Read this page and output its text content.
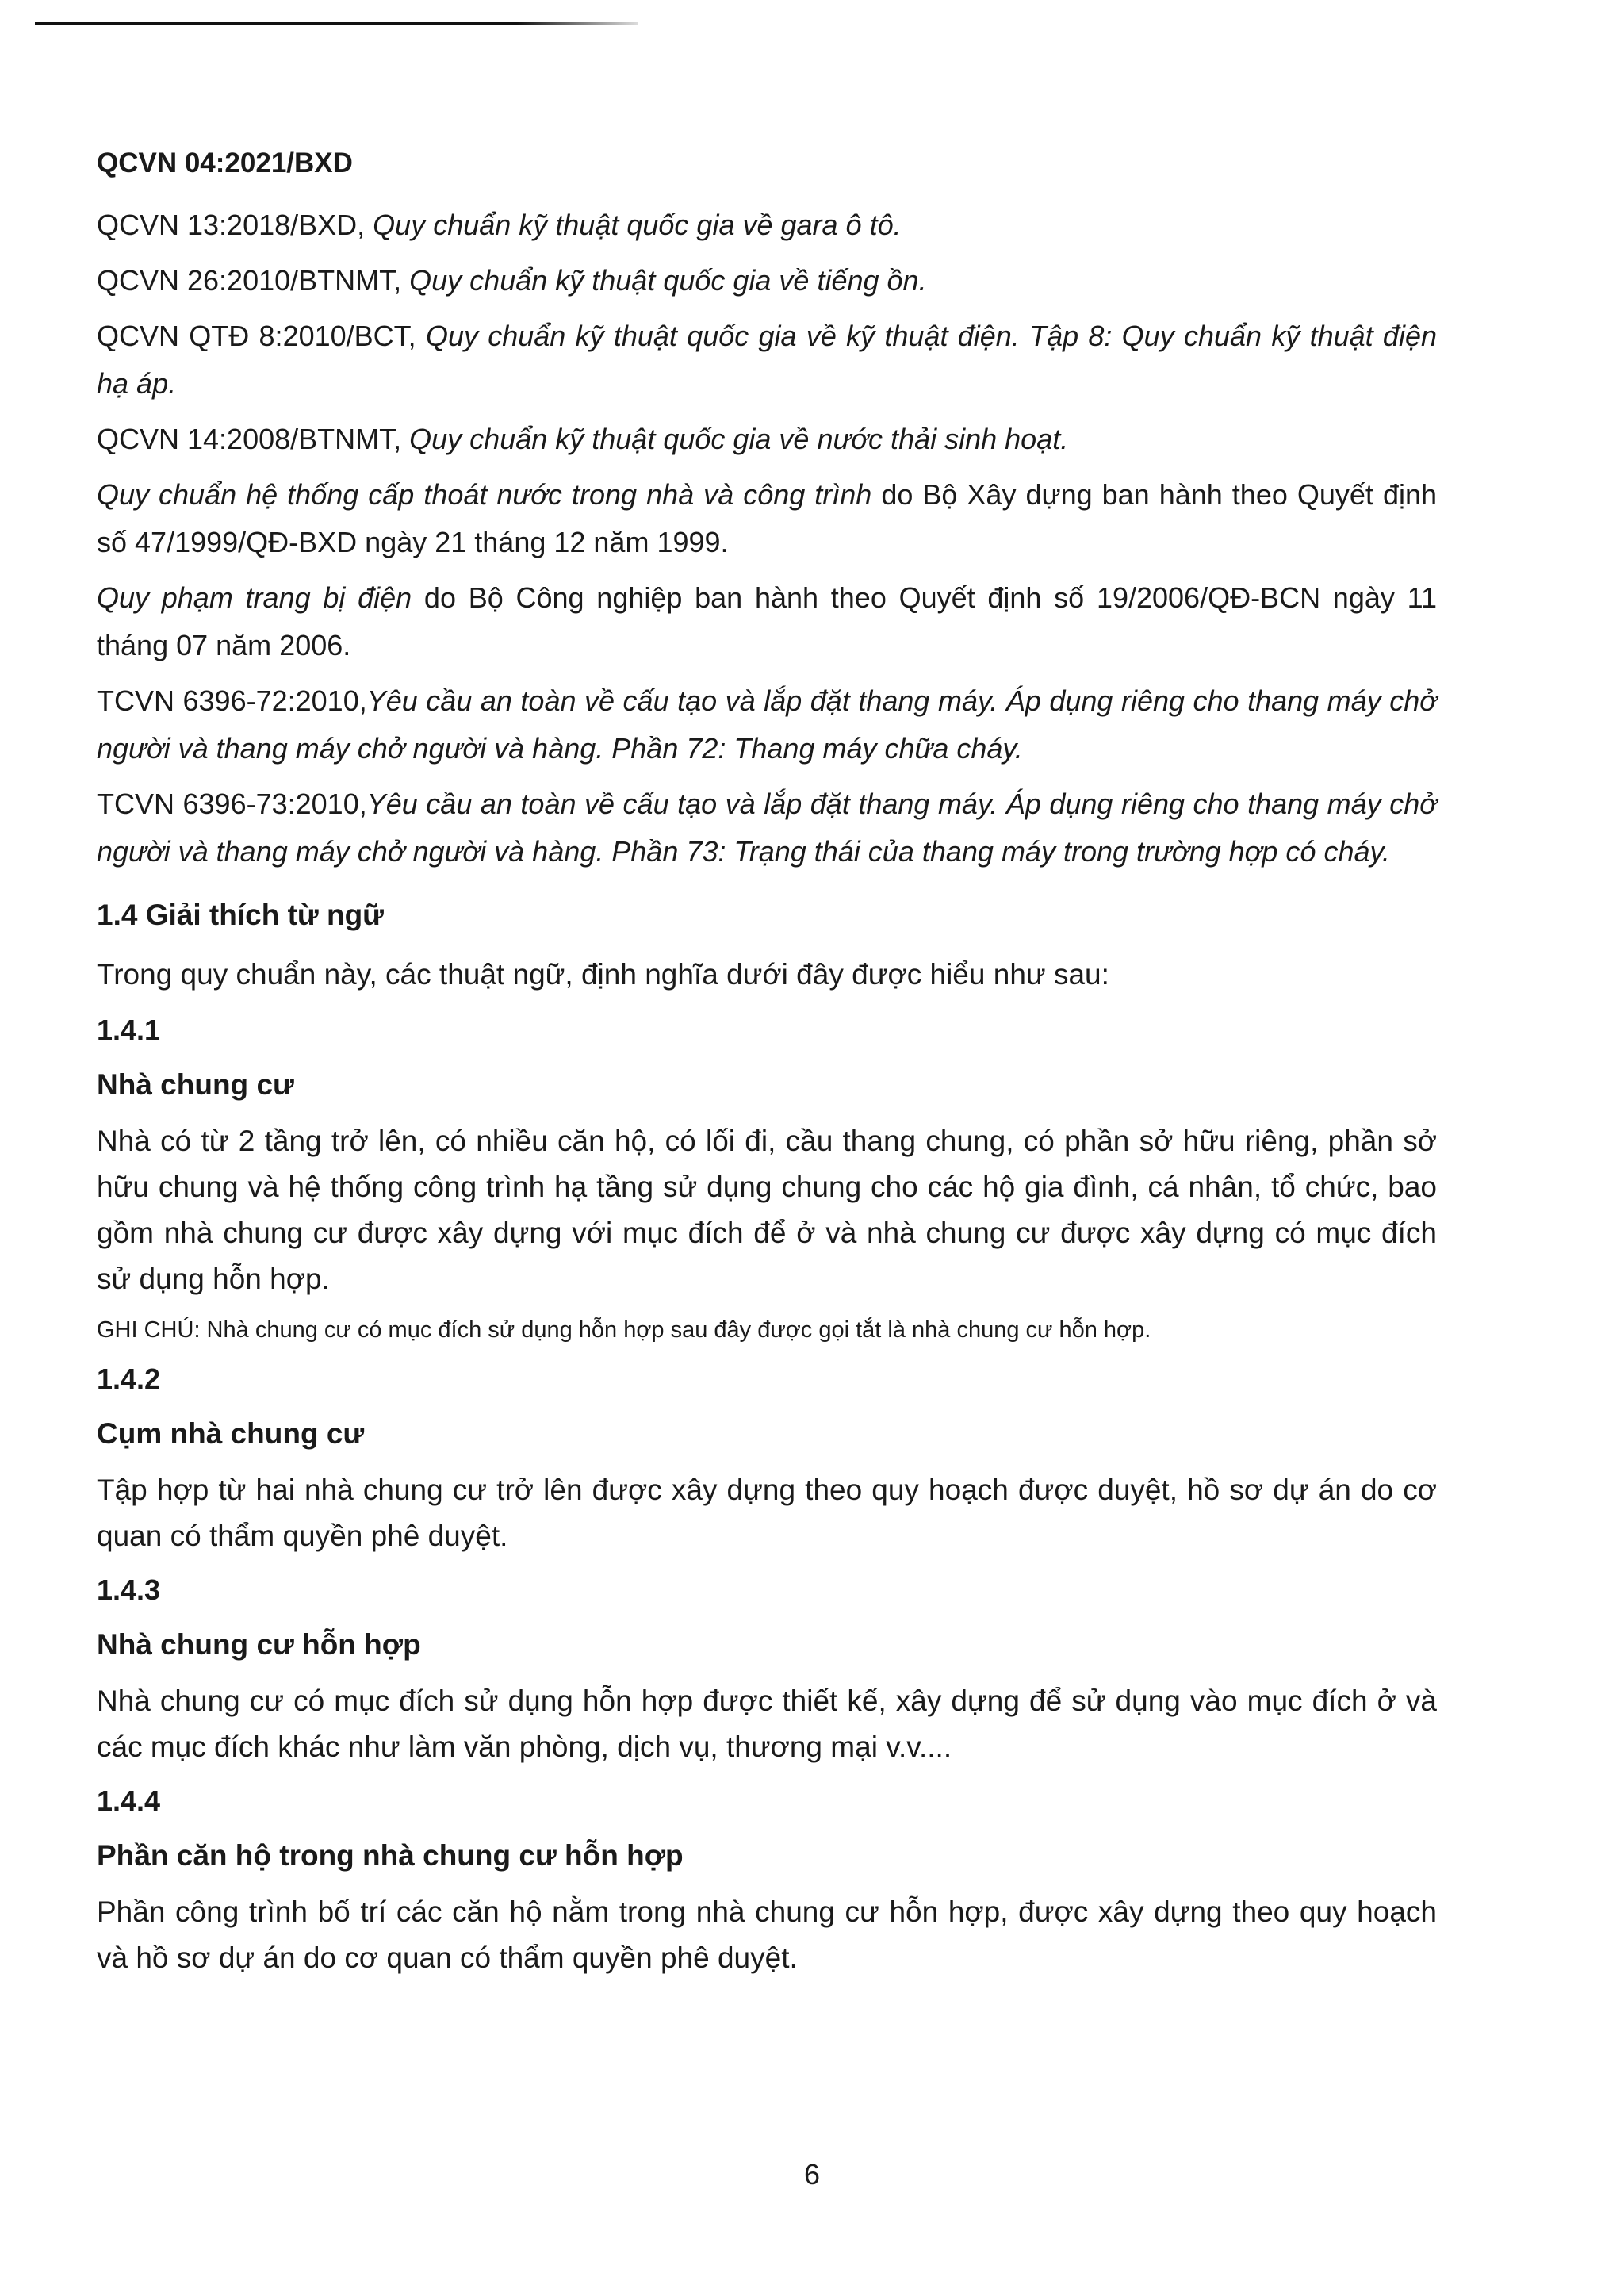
QCVN 04:2021/BXD

QCVN 13:2018/BXD, Quy chuẩn kỹ thuật quốc gia về gara ô tô.

QCVN 26:2010/BTNMT, Quy chuẩn kỹ thuật quốc gia về tiếng ồn.

QCVN QTĐ 8:2010/BCT, Quy chuẩn kỹ thuật quốc gia về kỹ thuật điện. Tập 8: Quy chuẩn kỹ thuật điện hạ áp.

QCVN 14:2008/BTNMT, Quy chuẩn kỹ thuật quốc gia về nước thải sinh hoạt.

Quy chuẩn hệ thống cấp thoát nước trong nhà và công trình do Bộ Xây dựng ban hành theo Quyết định số 47/1999/QĐ-BXD ngày 21 tháng 12 năm 1999.

Quy phạm trang bị điện do Bộ Công nghiệp ban hành theo Quyết định số 19/2006/QĐ-BCN ngày 11 tháng 07 năm 2006.

TCVN 6396-72:2010,Yêu cầu an toàn về cấu tạo và lắp đặt thang máy. Áp dụng riêng cho thang máy chở người và thang máy chở người và hàng. Phần 72: Thang máy chữa cháy.

TCVN 6396-73:2010,Yêu cầu an toàn về cấu tạo và lắp đặt thang máy. Áp dụng riêng cho thang máy chở người và thang máy chở người và hàng. Phần 73: Trạng thái của thang máy trong trường hợp có cháy.

1.4 Giải thích từ ngữ

Trong quy chuẩn này, các thuật ngữ, định nghĩa dưới đây được hiểu như sau:

1.4.1
Nhà chung cư

Nhà có từ 2 tầng trở lên, có nhiều căn hộ, có lối đi, cầu thang chung, có phần sở hữu riêng, phần sở hữu chung và hệ thống công trình hạ tầng sử dụng chung cho các hộ gia đình, cá nhân, tổ chức, bao gồm nhà chung cư được xây dựng với mục đích để ở và nhà chung cư được xây dựng có mục đích sử dụng hỗn hợp.

GHI CHÚ: Nhà chung cư có mục đích sử dụng hỗn hợp sau đây được gọi tắt là nhà chung cư hỗn hợp.

1.4.2
Cụm nhà chung cư

Tập hợp từ hai nhà chung cư trở lên được xây dựng theo quy hoạch được duyệt, hồ sơ dự án do cơ quan có thẩm quyền phê duyệt.

1.4.3
Nhà chung cư hỗn hợp

Nhà chung cư có mục đích sử dụng hỗn hợp được thiết kế, xây dựng để sử dụng vào mục đích ở và các mục đích khác như làm văn phòng, dịch vụ, thương mại v.v....

1.4.4
Phần căn hộ trong nhà chung cư hỗn hợp

Phần công trình bố trí các căn hộ nằm trong nhà chung cư hỗn hợp, được xây dựng theo quy hoạch và hồ sơ dự án do cơ quan có thẩm quyền phê duyệt.

6
